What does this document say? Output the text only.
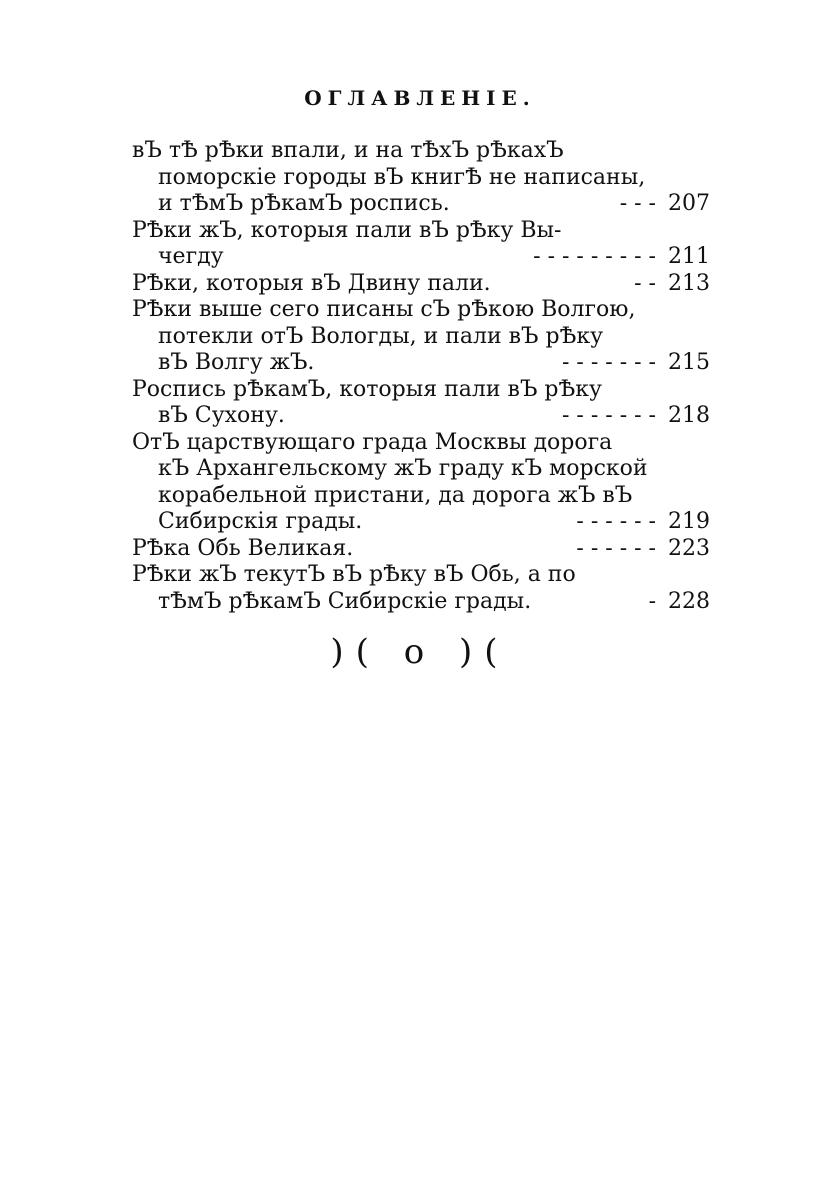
ОГЛАВЛЕНІЕ.
вЪ тѢ рѢки впали, и на тѢхЪ рѢкахЪ
поморскіе городы вЪ книгѢ не написаны,
и тѢмЪ рѢкамЪ роспись.	- - - 207
РѢки жЪ, которыя пали вЪ рѢку Вы-
чегду	- - - - - - - - - 211
РѢки, которыя вЪ Двину пали.	- - 213
РѢки выше сего писаны сЪ рѢкою Волгою,
потекли отЪ Вологды, и пали вЪ рѢку
вЪ Волгу жЪ.	- - - - - - - 215
Роспись рѢкамЪ, которыя пали вЪ рѢку
вЪ Сухону.	- - - - - - - 218
ОтЪ царствующаго града Москвы дорога
кЪ Архангельскому жЪ граду кЪ морской
корабельной пристани, да дорога жЪ вЪ
Сибирскія грады.	- - - - - - 219
РѢка Обь Великая.	- - - - - - 223
РѢки жЪ текутЪ вЪ рѢку вЪ Обь, а по
тѢмЪ рѢкамЪ Сибирскіе грады.	- 228
)( o )(
